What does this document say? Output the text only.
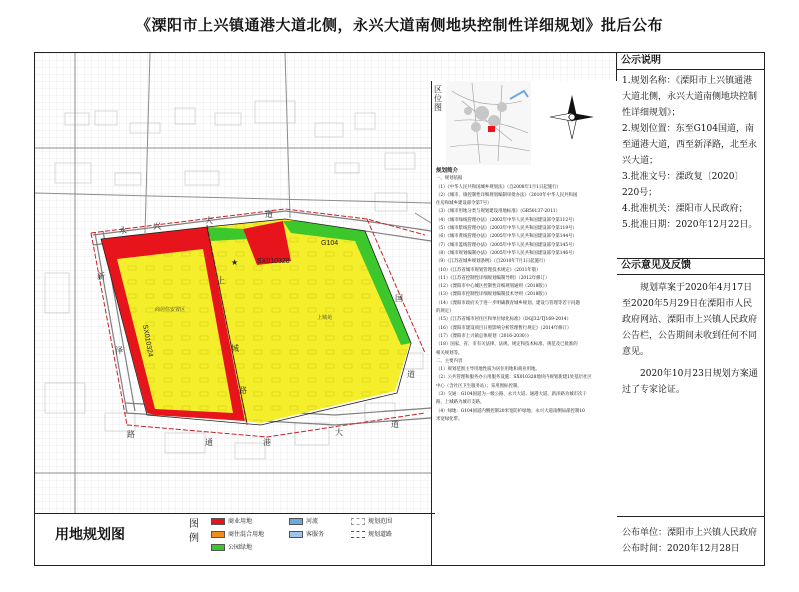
《溧阳市上兴镇通港大道北侧，永兴大道南侧地块控制性详细规划》批后公布
SX010328
SX010324
商居住安置区
上城苑
G104
永	兴
大
道
路
通	港
大
道
上
城
路
新
泽
国
道
★
区位图
规划简介
一、规划依据
（1）《中华人民共和国城乡规划法》（自2008年1月1日起施行）
（2）《城市、镇控制性详细规划编制审批办法》（2010年中华人民共和国
住房和城乡建设部令第7号）
（3）《城市用地分类与规划建设用地标准》（GB50137-2011）
（4）《城市绿线管理办法》（2002年中华人民共和国建设部令第112号）
（5）《城市紫线管理办法》（2003年中华人民共和国建设部令第119号）
（6）《城市黄线管理办法》（2005年中华人民共和国建设部令第144号）
（7）《城市蓝线管理办法》（2005年中华人民共和国建设部令第145号）
（8）《城市规划编制办法》（2005年中华人民共和国建设部令第146号）
（9）《江苏省城乡规划条例》（自2010年7月1日起施行）
（10）《江苏省城市规划管理技术规定》（2011年版）
（11）《江苏省控制性详细规划编制导则》（2012年修订）
（12）《溧阳市中心城区控制性详细规划通则（2018版）》
（13）《溧阳市控制性详细规划编制技术导则（2018版）》
（14）《溧阳市政府关于进一步明确教育城乡规划、建设与管理等若干问题
的规定》
（15）《江苏省城市居住区和单位绿化标准》（DGJ32/TJ169-2014）
（16）《溧阳市建设项目日照影响分析管理暂行规定》（2014年修订）
（17）《溧阳市上兴镇总体规划（2016-2030）》
（18）国家、省、市有关法律、法规、规定和技术标准、规范及已批准的
相关规划等。
二、主要内容
（1）规划范围主导用地性质为居住用地和商业用地。
（2）公共管理和服务办公用服务设施：SX010328地块内规划新建1处基层社区
中心（含社区卫生服务站）；采用围标控制。
（3）交通：G104国道为一级公路，永兴大道、通港大道、新泽路为城市次干
路，上城路为城市支路。
（4）绿地：G104国道内侧控制20米宽防护绿地；永兴大道南侧局部控制10
米宽绿化带。
用地规划图
图例
商业用地	河流	规划范围
商住混合用地	客服务	规划道路
公园绿地
公示说明
1.规划名称：《溧阳市上兴镇通港大道北侧，永兴大道南侧地块控制性详细规划》；
2.规划位置：东至G104国道，南至通港大道，西至新泽路，北至永兴大道；
3.批准文号：溧政复〔2020〕220号；
4.批准机关：溧阳市人民政府；
5.批准日期：2020年12月22日。
公示意见及反馈

规划草案于2020年4月17日至2020年5月29日在溧阳市人民政府网站、溧阳市上兴镇人民政府公告栏，公告期间未收到任何不同意见。

2020年10月23日规划方案通过了专家论证。

公布单位：溧阳市上兴镇人民政府
公布时间：2020年12月28日
